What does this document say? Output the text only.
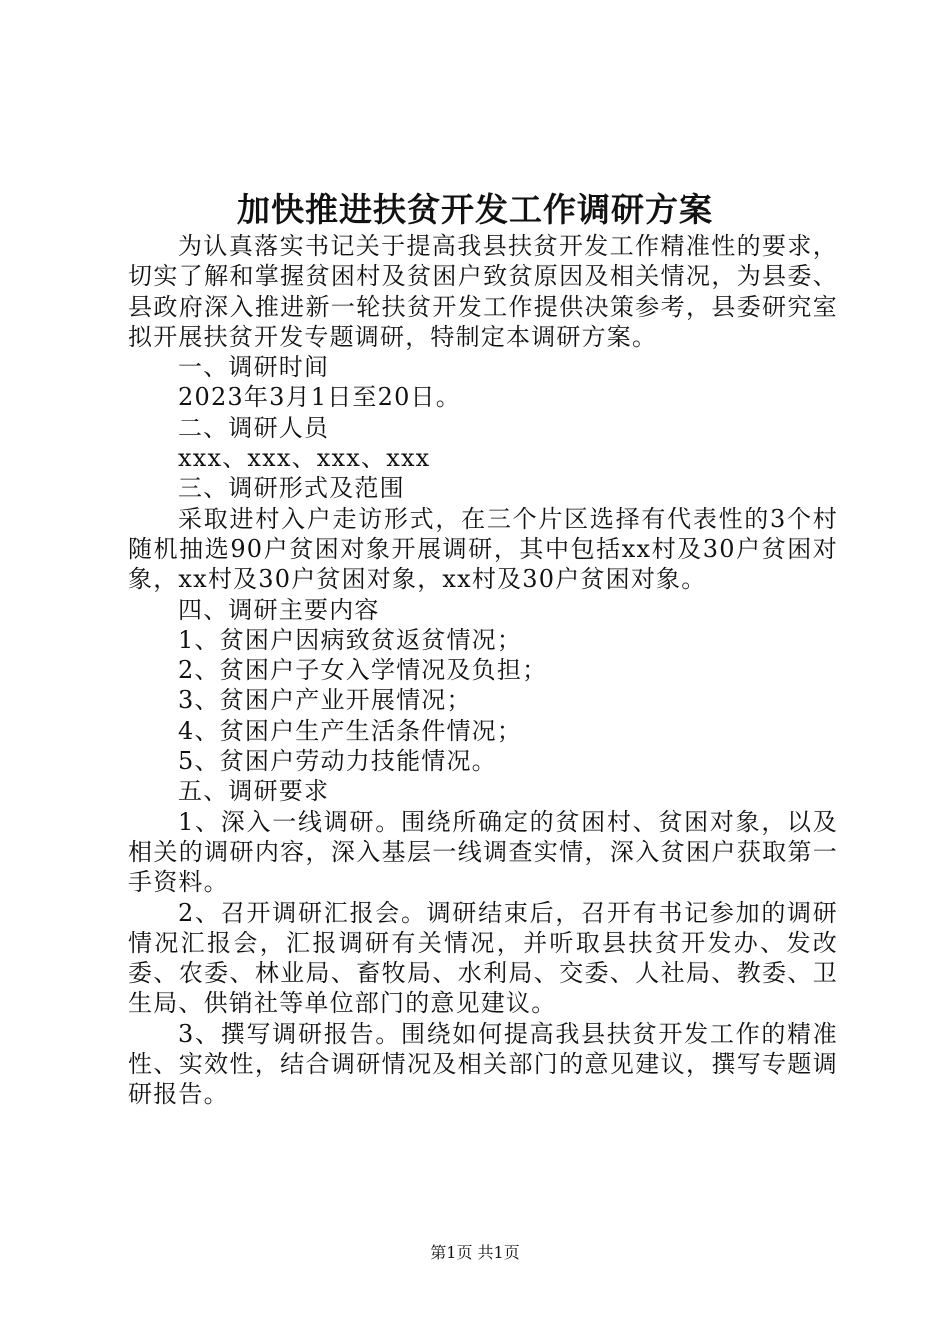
加快推进扶贫开发工作调研方案

为认真落实书记关于提高我县扶贫开发工作精准性的要求，切实了解和掌握贫困村及贫困户致贫原因及相关情况，为县委、县政府深入推进新一轮扶贫开发工作提供决策参考，县委研究室拟开展扶贫开发专题调研，特制定本调研方案。

一、调研时间

2023年3月1日至20日。

二、调研人员

xxx、xxx、xxx、xxx

三、调研形式及范围

采取进村入户走访形式，在三个片区选择有代表性的3个村随机抽选90户贫困对象开展调研，其中包括xx村及30户贫困对象，xx村及30户贫困对象，xx村及30户贫困对象。

四、调研主要内容

1、贫困户因病致贫返贫情况；

2、贫困户子女入学情况及负担；

3、贫困户产业开展情况；

4、贫困户生产生活条件情况；

5、贫困户劳动力技能情况。

五、调研要求

1、深入一线调研。围绕所确定的贫困村、贫困对象，以及相关的调研内容，深入基层一线调查实情，深入贫困户获取第一手资料。

2、召开调研汇报会。调研结束后，召开有书记参加的调研情况汇报会，汇报调研有关情况，并听取县扶贫开发办、发改委、农委、林业局、畜牧局、水利局、交委、人社局、教委、卫生局、供销社等单位部门的意见建议。

3、撰写调研报告。围绕如何提高我县扶贫开发工作的精准性、实效性，结合调研情况及相关部门的意见建议，撰写专题调研报告。

第1页 共1页
